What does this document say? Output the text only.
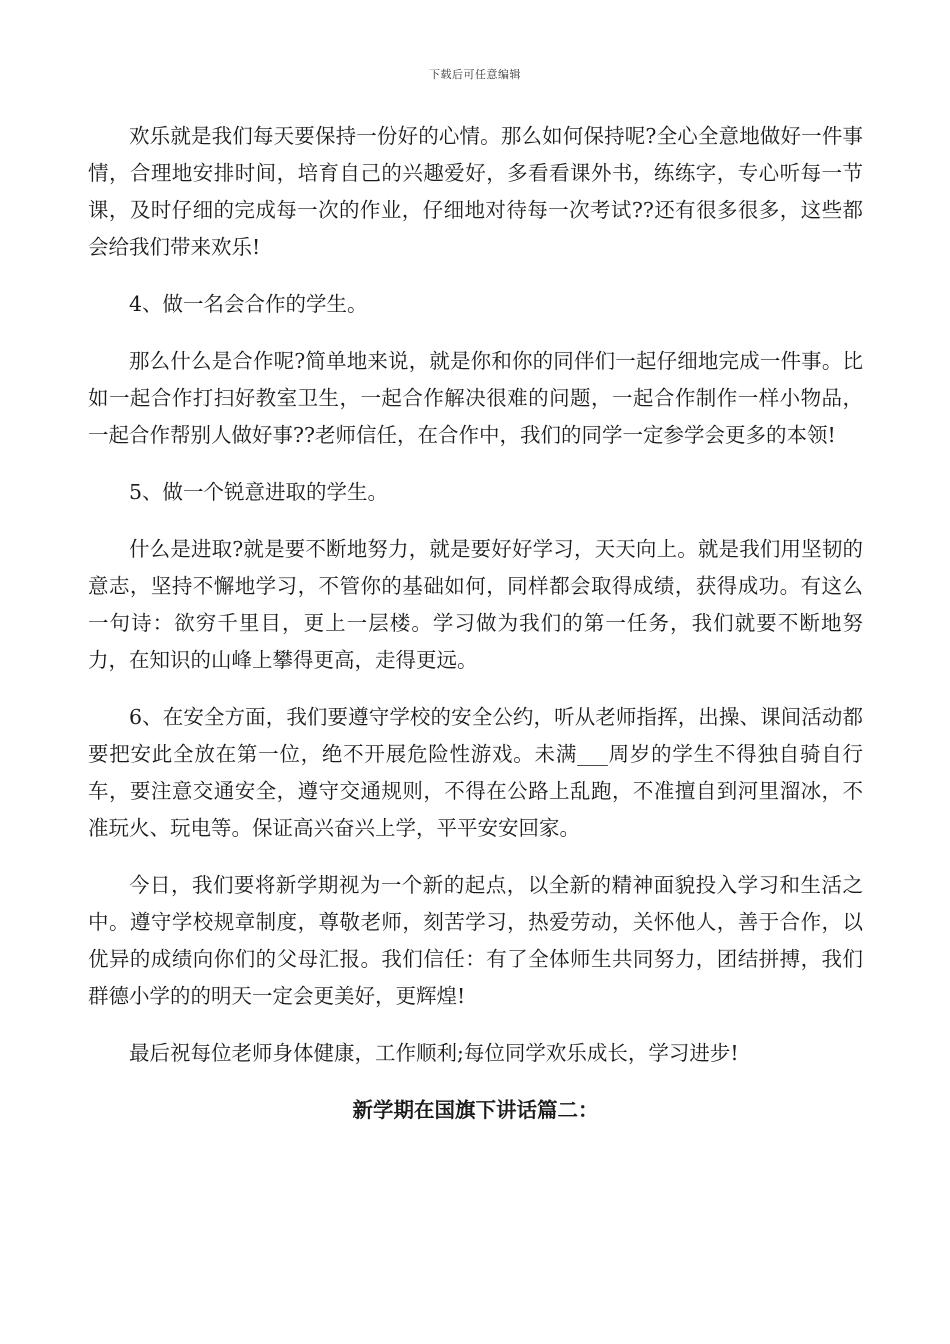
下载后可任意编辑

欢乐就是我们每天要保持一份好的心情。那么如何保持呢?全心全意地做好一件事情，合理地安排时间，培育自己的兴趣爱好，多看看课外书，练练字，专心听每一节课，及时仔细的完成每一次的作业，仔细地对待每一次考试??还有很多很多，这些都会给我们带来欢乐!

4、做一名会合作的学生。

那么什么是合作呢?简单地来说，就是你和你的同伴们一起仔细地完成一件事。比如一起合作打扫好教室卫生，一起合作解决很难的问题，一起合作制作一样小物品，一起合作帮别人做好事??老师信任，在合作中，我们的同学一定参学会更多的本领!

5、做一个锐意进取的学生。

什么是进取?就是要不断地努力，就是要好好学习，天天向上。就是我们用坚韧的意志，坚持不懈地学习，不管你的基础如何，同样都会取得成绩，获得成功。有这么一句诗：欲穷千里目，更上一层楼。学习做为我们的第一任务，我们就要不断地努力，在知识的山峰上攀得更高，走得更远。

6、在安全方面，我们要遵守学校的安全公约，听从老师指挥，出操、课间活动都要把安此全放在第一位，绝不开展危险性游戏。未满___周岁的学生不得独自骑自行车，要注意交通安全，遵守交通规则，不得在公路上乱跑，不准擅自到河里溜冰，不准玩火、玩电等。保证高兴奋兴上学，平平安安回家。

今日，我们要将新学期视为一个新的起点，以全新的精神面貌投入学习和生活之中。遵守学校规章制度，尊敬老师，刻苦学习，热爱劳动，关怀他人，善于合作，以优异的成绩向你们的父母汇报。我们信任：有了全体师生共同努力，团结拼搏，我们群德小学的的明天一定会更美好，更辉煌!

最后祝每位老师身体健康，工作顺利;每位同学欢乐成长，学习进步!

新学期在国旗下讲话篇二：
